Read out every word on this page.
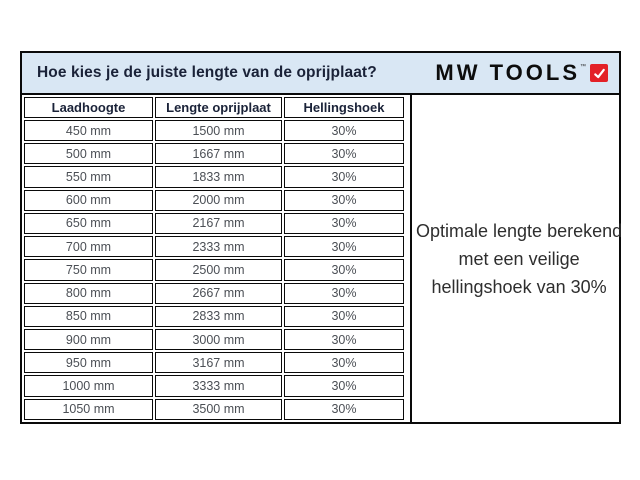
Hoe kies je de juiste lengte van de oprijplaat?	MW TOOLS ™
Laadhoogte	Lengte oprijplaat	Hellingshoek
450 mm	1500 mm	30%
500 mm	1667 mm	30%
550 mm	1833 mm	30%
600 mm	2000 mm	30%
650 mm	2167 mm	30%
700 mm	2333 mm	30%
750 mm	2500 mm	30%
800 mm	2667 mm	30%
850 mm	2833 mm	30%
900 mm	3000 mm	30%
950 mm	3167 mm	30%
1000 mm	3333 mm	30%
1050 mm	3500 mm	30%
Optimale lengte berekend
met een veilige
hellingshoek van 30%
